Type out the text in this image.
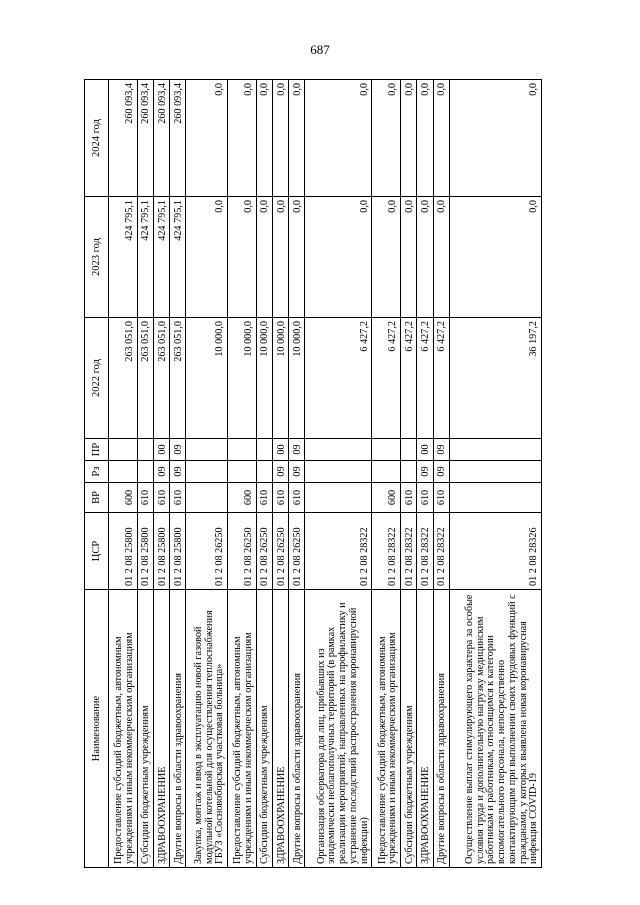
687
Наименование	ЦСР	ВР	Рз	ПР	2022 год	2023 год	2024 год
Предоставление субсидий бюджетным, автономным учреждениям и иным некоммерческим организациям	01 2 08 25800	600			263 051,0	424 795,1	260 093,4
Субсидии бюджетным учреждениям	01 2 08 25800	610			263 051,0	424 795,1	260 093,4
ЗДРАВООХРАНЕНИЕ	01 2 08 25800	610	09	00	263 051,0	424 795,1	260 093,4
Другие вопросы в области здравоохранения	01 2 08 25800	610	09	09	263 051,0	424 795,1	260 093,4
Закупка, монтаж и ввод в эксплуатацию новой газовой модульной котельной для осуществления теплоснабжения ГБУЗ «Сосновоборская участковая больница»	01 2 08 26250				10 000,0	0,0	0,0
Предоставление субсидий бюджетным, автономным учреждениям и иным некоммерческим организациям	01 2 08 26250	600			10 000,0	0,0	0,0
Субсидии бюджетным учреждениям	01 2 08 26250	610			10 000,0	0,0	0,0
ЗДРАВООХРАНЕНИЕ	01 2 08 26250	610	09	00	10 000,0	0,0	0,0
Другие вопросы в области здравоохранения	01 2 08 26250	610	09	09	10 000,0	0,0	0,0
Организация обсерватора для лиц, прибывших из эпидемически неблагополучных территорий (в рамках реализации мероприятий, направленных на профилактику и устранение последствий распространения коронавирусной инфекции)	01 2 08 28322				6 427,2	0,0	0,0
Предоставление субсидий бюджетным, автономным учреждениям и иным некоммерческим организациям	01 2 08 28322	600			6 427,2	0,0	0,0
Субсидии бюджетным учреждениям	01 2 08 28322	610			6 427,2	0,0	0,0
ЗДРАВООХРАНЕНИЕ	01 2 08 28322	610	09	00	6 427,2	0,0	0,0
Другие вопросы в области здравоохранения	01 2 08 28322	610	09	09	6 427,2	0,0	0,0
Осуществление выплат стимулирующего характера за особые условия труда и дополнительную нагрузку медицинским работникам и работникам, относящимся к категории вспомогательного персонала, непосредственно контактирующим при выполнении своих трудовых функций с гражданами, у которых выявлена новая коронавирусная инфекция COVID-19	01 2 08 28326				36 197,2	0,0	0,0
